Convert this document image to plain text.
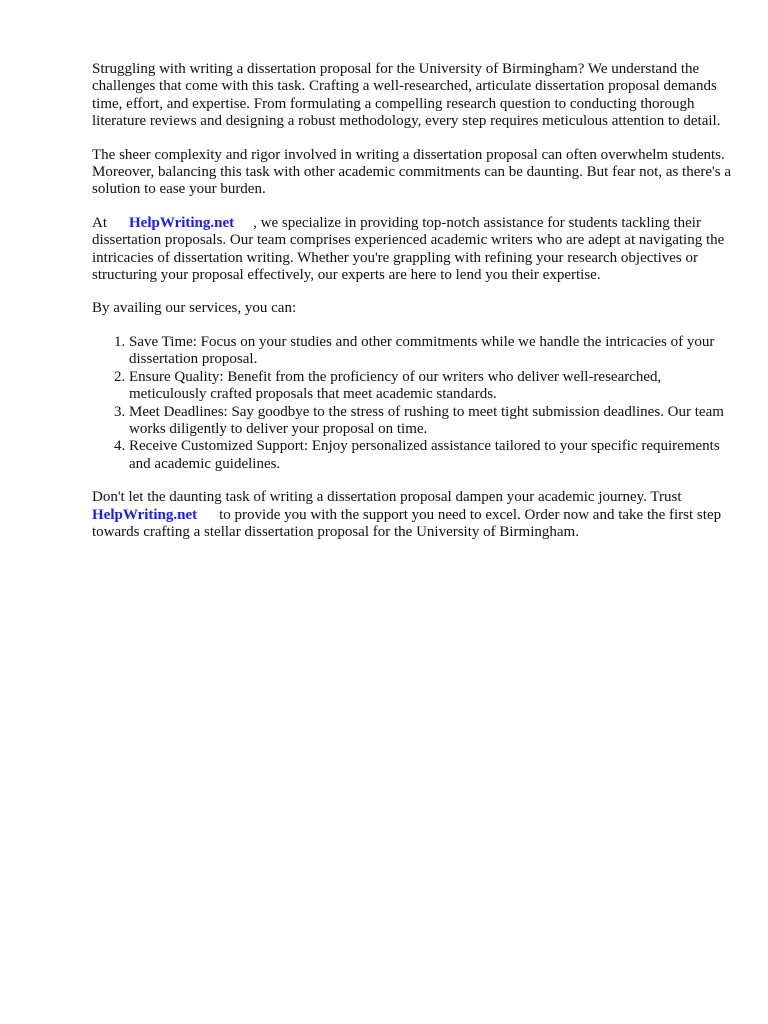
Struggling with writing a dissertation proposal for the University of Birmingham? We understand the challenges that come with this task. Crafting a well-researched, articulate dissertation proposal demands time, effort, and expertise. From formulating a compelling research question to conducting thorough literature reviews and designing a robust methodology, every step requires meticulous attention to detail.

The sheer complexity and rigor involved in writing a dissertation proposal can often overwhelm students. Moreover, balancing this task with other academic commitments can be daunting. But fear not, as there's a solution to ease your burden.

At HelpWriting.net , we specialize in providing top-notch assistance for students tackling their dissertation proposals. Our team comprises experienced academic writers who are adept at navigating the intricacies of dissertation writing. Whether you're grappling with refining your research objectives or structuring your proposal effectively, our experts are here to lend you their expertise.

By availing our services, you can:

1. Save Time: Focus on your studies and other commitments while we handle the intricacies of your dissertation proposal.
2. Ensure Quality: Benefit from the proficiency of our writers who deliver well-researched, meticulously crafted proposals that meet academic standards.
3. Meet Deadlines: Say goodbye to the stress of rushing to meet tight submission deadlines. Our team works diligently to deliver your proposal on time.
4. Receive Customized Support: Enjoy personalized assistance tailored to your specific requirements and academic guidelines.

Don't let the daunting task of writing a dissertation proposal dampen your academic journey. Trust
HelpWriting.net to provide you with the support you need to excel. Order now and take the first step towards crafting a stellar dissertation proposal for the University of Birmingham.
